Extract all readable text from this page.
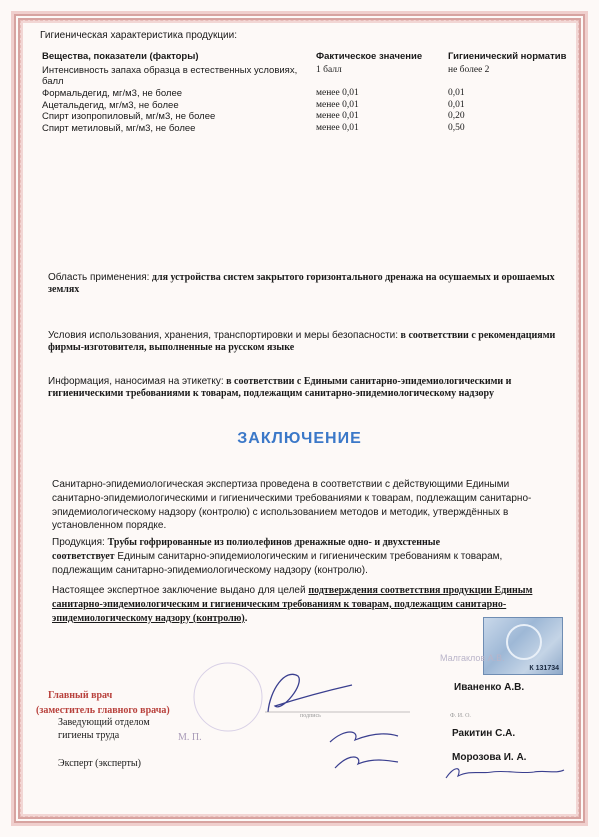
Гигиеническая характеристика продукции:
Вещества, показатели (факторы)	Фактическое значение	Гигиенический норматив
Интенсивность запаха образца в естественных условиях, балл	1 балл	не более 2
Формальдегид, мг/м3, не более	менее 0,01	0,01
Ацетальдегид, мг/м3, не более	менее 0,01	0,01
Спирт изопропиловый, мг/м3, не более	менее 0,01	0,20
Спирт метиловый, мг/м3, не более	менее 0,01	0,50
Область применения: для устройства систем закрытого горизонтального дренажа на осушаемых и орошаемых землях
Условия использования, хранения, транспортировки и меры безопасности: в соответствии с рекомендациями фирмы-изготовителя, выполненные на русском языке
Информация, наносимая на этикетку: в соответствии с Едиными санитарно-эпидемиологическими и гигиеническими требованиями к товарам, подлежащим санитарно-эпидемиологическому надзору
ЗАКЛЮЧЕНИЕ
Санитарно-эпидемиологическая экспертиза проведена в соответствии с действующими Едиными санитарно-эпидемиологическими и гигиеническими требованиями к товарам, подлежащим санитарно-эпидемиологическому надзору (контролю) с использованием методов и методик, утверждённых в установленном порядке.
Продукция: Трубы гофрированные из полиолефинов дренажные одно- и двухстенные
соответствует Единым санитарно-эпидемиологическим и гигиеническим требованиям к товарам, подлежащим санитарно-эпидемиологическому надзору (контролю).
Настоящее экспертное заключение выдано для целей подтверждения соответствия продукции Единым санитарно-эпидемиологическим и гигиеническим требованиям к товарам, подлежащим санитарно-эпидемиологическому надзору (контролю).
К 131734
Малгаклов А.В.
Главный врач
(заместитель главного врача)
Иваненко А.В.
подпись	Ф. И. О.
Заведующий отделом
гигиены труда	М. П.	Ракитин С.А.
Эксперт (эксперты)
Морозова И. А.
